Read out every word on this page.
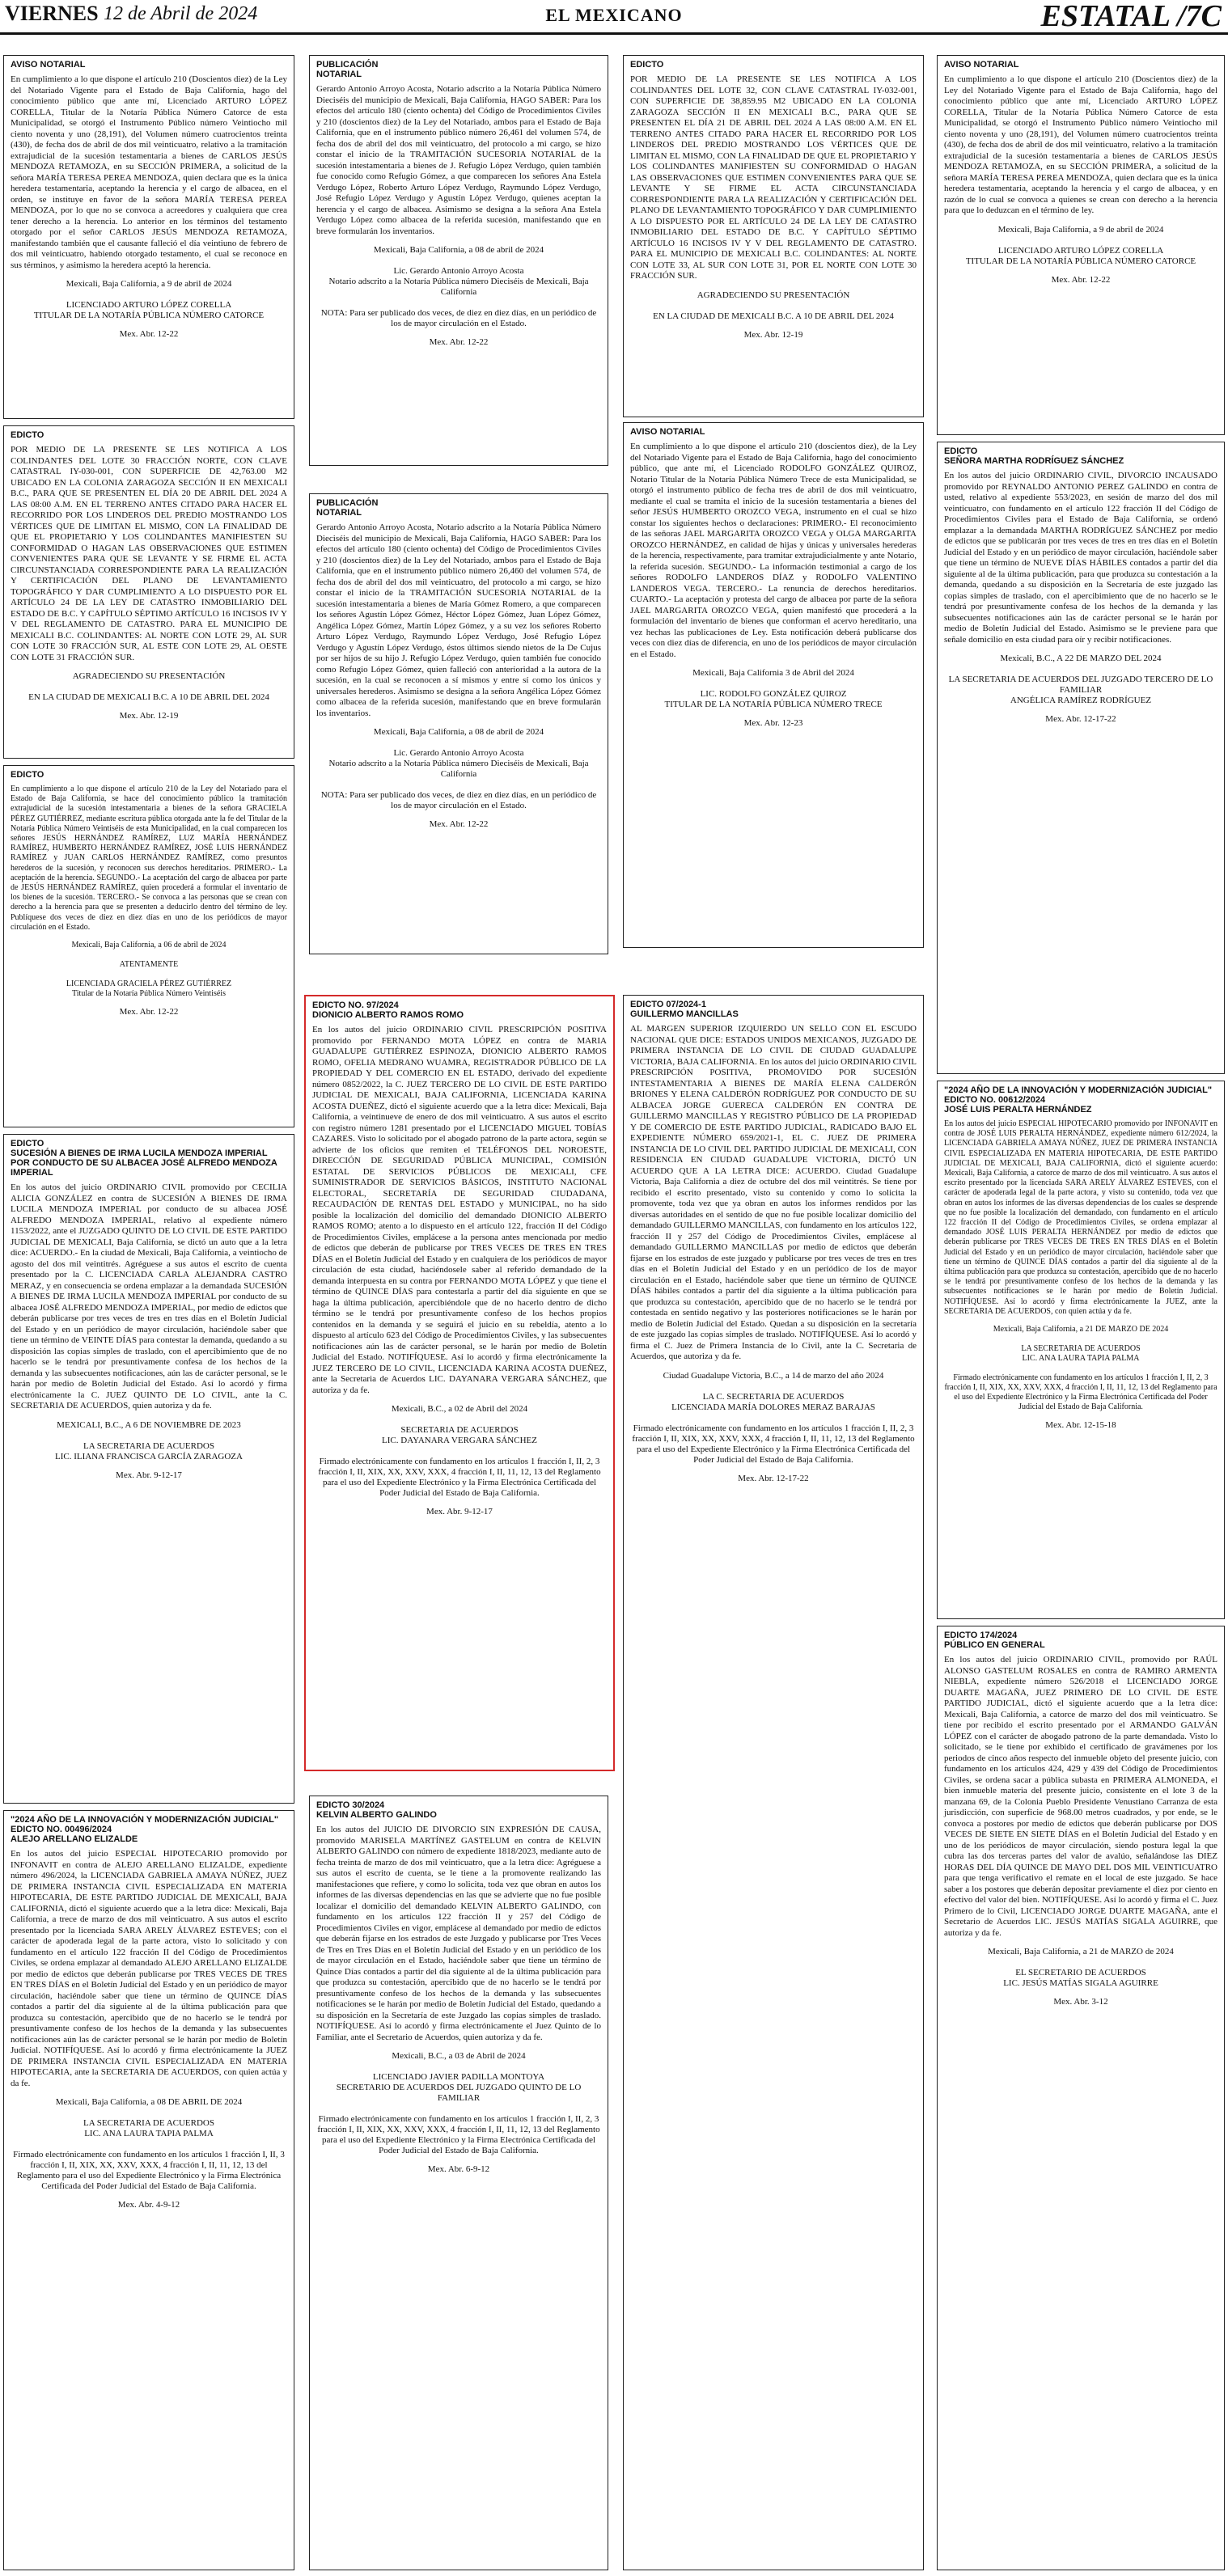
VIERNES 12 de Abril de 2024	EL MEXICANO	ESTATAL /7C
AVISO NOTARIAL
En cumplimiento a lo que dispone el artículo 210 (Doscientos diez) de la Ley del Notariado Vigente para el Estado de Baja California, hago del conocimiento público que ante mí, Licenciado ARTURO LÓPEZ CORELLA, Titular de la Notaría Pública Número Catorce de esta Municipalidad, se otorgó el Instrumento Público número Veintiocho mil ciento noventa y uno (28,191), del Volumen número cuatrocientos treinta (430), de fecha dos de abril de dos mil veinticuatro, relativo a la tramitación extrajudicial de la sucesión testamentaria a bienes de CARLOS JESÚS MENDOZA RETAMOZA, en su SECCIÓN PRIMERA, a solicitud de la señora MARÍA TERESA PEREA MENDOZA, quien declara que es la única heredera testamentaria, aceptando la herencia y el cargo de albacea, en el orden, se instituye en favor de la señora MARÍA TERESA PEREA MENDOZA, por lo que no se convoca a acreedores y cualquiera que crea tener derecho a la herencia. Lo anterior en los términos del testamento otorgado por el señor CARLOS JESÚS MENDOZA RETAMOZA, manifestando también que el causante falleció el día veintiuno de febrero de dos mil veinticuatro, habiendo otorgado testamento, el cual se reconoce en sus términos, y asimismo la heredera aceptó la herencia.
Mexicali, Baja California, a 9 de abril de 2024

LICENCIADO ARTURO LÓPEZ CORELLA
TITULAR DE LA NOTARÍA PÚBLICA NÚMERO CATORCE
Mex. Abr. 12-22
EDICTO
POR MEDIO DE LA PRESENTE SE LES NOTIFICA A LOS COLINDANTES DEL LOTE 30 FRACCIÓN NORTE, CON CLAVE CATASTRAL IY-030-001, CON SUPERFICIE DE 42,763.00 M2 UBICADO EN LA COLONIA ZARAGOZA SECCIÓN II EN MEXICALI B.C., PARA QUE SE PRESENTEN EL DÍA 20 DE ABRIL DEL 2024 A LAS 08:00 A.M. EN EL TERRENO ANTES CITADO PARA HACER EL RECORRIDO POR LOS LINDEROS DEL PREDIO MOSTRANDO LOS VÉRTICES QUE DE LIMITAN EL MISMO, CON LA FINALIDAD DE QUE EL PROPIETARIO Y LOS COLINDANTES MANIFIESTEN SU CONFORMIDAD O HAGAN LAS OBSERVACIONES QUE ESTIMEN CONVENIENTES PARA QUE SE LEVANTE Y SE FIRME EL ACTA CIRCUNSTANCIADA CORRESPONDIENTE PARA LA REALIZACIÓN Y CERTIFICACIÓN DEL PLANO DE LEVANTAMIENTO TOPOGRÁFICO Y DAR CUMPLIMIENTO A LO DISPUESTO POR EL ARTÍCULO 24 DE LA LEY DE CATASTRO INMOBILIARIO DEL ESTADO DE B.C. Y CAPÍTULO SÉPTIMO ARTÍCULO 16 INCISOS IV Y V DEL REGLAMENTO DE CATASTRO. PARA EL MUNICIPIO DE MEXICALI B.C. COLINDANTES: AL NORTE CON LOTE 29, AL SUR CON LOTE 30 FRACCIÓN SUR, AL ESTE CON LOTE 29, AL OESTE CON LOTE 31 FRACCIÓN SUR.
AGRADECIENDO SU PRESENTACIÓN

EN LA CIUDAD DE MEXICALI B.C. A 10 DE ABRIL DEL 2024
Mex. Abr. 12-19
EDICTO
En cumplimiento a lo que dispone el artículo 210 de la Ley del Notariado para el Estado de Baja California, se hace del conocimiento público la tramitación extrajudicial de la sucesión intestamentaria a bienes de la señora GRACIELA PÉREZ GUTIÉRREZ, mediante escritura pública otorgada ante la fe del Titular de la Notaría Pública Número Veintiséis de esta Municipalidad, en la cual comparecen los señores JESÚS HERNÁNDEZ RAMÍREZ, LUZ MARÍA HERNÁNDEZ RAMÍREZ, HUMBERTO HERNÁNDEZ RAMÍREZ, JOSÉ LUIS HERNÁNDEZ RAMÍREZ y JUAN CARLOS HERNÁNDEZ RAMÍREZ, como presuntos herederos de la sucesión, y reconocen sus derechos hereditarios. PRIMERO.- La aceptación de la herencia. SEGUNDO.- La aceptación del cargo de albacea por parte de JESÚS HERNÁNDEZ RAMÍREZ, quien procederá a formular el inventario de los bienes de la sucesión. TERCERO.- Se convoca a las personas que se crean con derecho a la herencia para que se presenten a deducirlo dentro del término de ley. Publíquese dos veces de diez en diez días en uno de los periódicos de mayor circulación en el Estado.
Mexicali, Baja California, a 06 de abril de 2024

ATENTAMENTE

LICENCIADA GRACIELA PÉREZ GUTIÉRREZ
Titular de la Notaría Pública Número Veintiséis
Mex. Abr. 12-22
EDICTO
SUCESIÓN A BIENES DE IRMA LUCILA MENDOZA IMPERIAL
POR CONDUCTO DE SU ALBACEA JOSÉ ALFREDO MENDOZA IMPERIAL
En los autos del juicio ORDINARIO CIVIL promovido por CECILIA ALICIA GONZÁLEZ en contra de SUCESIÓN A BIENES DE IRMA LUCILA MENDOZA IMPERIAL por conducto de su albacea JOSÉ ALFREDO MENDOZA IMPERIAL, relativo al expediente número 1153/2022, ante el JUZGADO QUINTO DE LO CIVIL DE ESTE PARTIDO JUDICIAL DE MEXICALI, Baja California, se dictó un auto que a la letra dice: ACUERDO.- En la ciudad de Mexicali, Baja California, a veintiocho de agosto del dos mil veintitrés. Agréguese a sus autos el escrito de cuenta presentado por la C. LICENCIADA CARLA ALEJANDRA CASTRO MERAZ, y en consecuencia se ordena emplazar a la demandada SUCESIÓN A BIENES DE IRMA LUCILA MENDOZA IMPERIAL por conducto de su albacea JOSÉ ALFREDO MENDOZA IMPERIAL, por medio de edictos que deberán publicarse por tres veces de tres en tres días en el Boletín Judicial del Estado y en un periódico de mayor circulación, haciéndole saber que tiene un término de VEINTE DÍAS para contestar la demanda, quedando a su disposición las copias simples de traslado, con el apercibimiento que de no hacerlo se le tendrá por presuntivamente confesa de los hechos de la demanda y las subsecuentes notificaciones, aún las de carácter personal, se le harán por medio de Boletín Judicial del Estado. Así lo acordó y firma electrónicamente la C. JUEZ QUINTO DE LO CIVIL, ante la C. SECRETARIA DE ACUERDOS, quien autoriza y da fe.
MEXICALI, B.C., A 6 DE NOVIEMBRE DE 2023

LA SECRETARIA DE ACUERDOS
LIC. ILIANA FRANCISCA GARCÍA ZARAGOZA
Mex. Abr. 9-12-17
"2024 AÑO DE LA INNOVACIÓN Y MODERNIZACIÓN JUDICIAL"
EDICTO NO. 00496/2024
ALEJO ARELLANO ELIZALDE
En los autos del juicio ESPECIAL HIPOTECARIO promovido por INFONAVIT en contra de ALEJO ARELLANO ELIZALDE, expediente número 496/2024, la LICENCIADA GABRIELA AMAYA NÚÑEZ, JUEZ DE PRIMERA INSTANCIA CIVIL ESPECIALIZADA EN MATERIA HIPOTECARIA, DE ESTE PARTIDO JUDICIAL DE MEXICALI, BAJA CALIFORNIA, dictó el siguiente acuerdo que a la letra dice: Mexicali, Baja California, a trece de marzo de dos mil veinticuatro. A sus autos el escrito presentado por la licenciada SARA ARELY ÁLVAREZ ESTEVES; con el carácter de apoderada legal de la parte actora, visto lo solicitado y con fundamento en el artículo 122 fracción II del Código de Procedimientos Civiles, se ordena emplazar al demandado ALEJO ARELLANO ELIZALDE por medio de edictos que deberán publicarse por TRES VECES DE TRES EN TRES DÍAS en el Boletín Judicial del Estado y en un periódico de mayor circulación, haciéndole saber que tiene un término de QUINCE DÍAS contados a partir del día siguiente al de la última publicación para que produzca su contestación, apercibido que de no hacerlo se le tendrá por presuntivamente confeso de los hechos de la demanda y las subsecuentes notificaciones aún las de carácter personal se le harán por medio de Boletín Judicial. NOTIFÍQUESE. Así lo acordó y firma electrónicamente la JUEZ DE PRIMERA INSTANCIA CIVIL ESPECIALIZADA EN MATERIA HIPOTECARIA, ante la SECRETARIA DE ACUERDOS, con quien actúa y da fe.
Mexicali, Baja California, a 08 DE ABRIL DE 2024

LA SECRETARIA DE ACUERDOS
LIC. ANA LAURA TAPIA PALMA

Firmado electrónicamente con fundamento en los artículos 1 fracción I, II, 3 fracción I, II, XIX, XX, XXV, XXX, 4 fracción I, II, 11, 12, 13 del Reglamento para el uso del Expediente Electrónico y la Firma Electrónica Certificada del Poder Judicial del Estado de Baja California.
Mex. Abr. 4-9-12
PUBLICACIÓN
NOTARIAL
Gerardo Antonio Arroyo Acosta, Notario adscrito a la Notaría Pública Número Dieciséis del municipio de Mexicali, Baja California, HAGO SABER: Para los efectos del artículo 180 (ciento ochenta) del Código de Procedimientos Civiles y 210 (doscientos diez) de la Ley del Notariado, ambos para el Estado de Baja California, que en el instrumento público número 26,461 del volumen 574, de fecha dos de abril del dos mil veinticuatro, del protocolo a mi cargo, se hizo constar el inicio de la TRAMITACIÓN SUCESORIA NOTARIAL de la sucesión intestamentaria a bienes de J. Refugio López Verdugo, quien también fue conocido como Refugio Gómez, a que comparecen los señores Ana Estela Verdugo López, Roberto Arturo López Verdugo, Raymundo López Verdugo, José Refugio López Verdugo y Agustín López Verdugo, quienes aceptan la herencia y el cargo de albacea. Asimismo se designa a la señora Ana Estela Verdugo López como albacea de la referida sucesión, manifestando que en breve formularán los inventarios.
Mexicali, Baja California, a 08 de abril de 2024

Lic. Gerardo Antonio Arroyo Acosta
Notario adscrito a la Notaría Pública número Dieciséis de Mexicali, Baja California

NOTA: Para ser publicado dos veces, de diez en diez días, en un periódico de los de mayor circulación en el Estado.
Mex. Abr. 12-22
PUBLICACIÓN
NOTARIAL
Gerardo Antonio Arroyo Acosta, Notario adscrito a la Notaría Pública Número Dieciséis del municipio de Mexicali, Baja California, HAGO SABER: Para los efectos del artículo 180 (ciento ochenta) del Código de Procedimientos Civiles y 210 (doscientos diez) de la Ley del Notariado, ambos para el Estado de Baja California, que en el instrumento público número 26,460 del volumen 574, de fecha dos de abril del dos mil veinticuatro, del protocolo a mi cargo, se hizo constar el inicio de la TRAMITACIÓN SUCESORIA NOTARIAL de la sucesión intestamentaria a bienes de María Gómez Romero, a que comparecen los señores Agustín López Gómez, Héctor López Gómez, Juan López Gómez, Angélica López Gómez, Martín López Gómez, y a su vez los señores Roberto Arturo López Verdugo, Raymundo López Verdugo, José Refugio López Verdugo y Agustín López Verdugo, éstos últimos siendo nietos de la De Cujus por ser hijos de su hijo J. Refugio López Verdugo, quien también fue conocido como Refugio López Gómez, quien falleció con anterioridad a la autora de la sucesión, en la cual se reconocen a sí mismos y entre sí como los únicos y universales herederos. Asimismo se designa a la señora Angélica López Gómez como albacea de la referida sucesión, manifestando que en breve formularán los inventarios.
Mexicali, Baja California, a 08 de abril de 2024

Lic. Gerardo Antonio Arroyo Acosta
Notario adscrito a la Notaría Pública número Dieciséis de Mexicali, Baja California

NOTA: Para ser publicado dos veces, de diez en diez días, en un periódico de los de mayor circulación en el Estado.
Mex. Abr. 12-22
EDICTO NO. 97/2024
DIONICIO ALBERTO RAMOS ROMO
En los autos del juicio ORDINARIO CIVIL PRESCRIPCIÓN POSITIVA promovido por FERNANDO MOTA LÓPEZ en contra de MARIA GUADALUPE GUTIÉRREZ ESPINOZA, DIONICIO ALBERTO RAMOS ROMO, OFELIA MEDRANO WUAMRA, REGISTRADOR PÚBLICO DE LA PROPIEDAD Y DEL COMERCIO EN EL ESTADO, derivado del expediente número 0852/2022, la C. JUEZ TERCERO DE LO CIVIL DE ESTE PARTIDO JUDICIAL DE MEXICALI, BAJA CALIFORNIA, LICENCIADA KARINA ACOSTA DUEÑEZ, dictó el siguiente acuerdo que a la letra dice: Mexicali, Baja California, a veintinueve de enero de dos mil veinticuatro. A sus autos el escrito con registro número 1281 presentado por el LICENCIADO MIGUEL TOBÍAS CAZARES. Visto lo solicitado por el abogado patrono de la parte actora, según se advierte de los oficios que remiten el TELÉFONOS DEL NOROESTE, DIRECCIÓN DE SEGURIDAD PÚBLICA MUNICIPAL, COMISIÓN ESTATAL DE SERVICIOS PÚBLICOS DE MEXICALI, CFE SUMINISTRADOR DE SERVICIOS BÁSICOS, INSTITUTO NACIONAL ELECTORAL, SECRETARÍA DE SEGURIDAD CIUDADANA, RECAUDACIÓN DE RENTAS DEL ESTADO y MUNICIPAL, no ha sido posible la localización del domicilio del demandado DIONICIO ALBERTO RAMOS ROMO; atento a lo dispuesto en el artículo 122, fracción II del Código de Procedimientos Civiles, emplácese a la persona antes mencionada por medio de edictos que deberán de publicarse por TRES VECES DE TRES EN TRES DÍAS en el Boletín Judicial del Estado y en cualquiera de los periódicos de mayor circulación de esta ciudad, haciéndosele saber al referido demandado de la demanda interpuesta en su contra por FERNANDO MOTA LÓPEZ y que tiene el término de QUINCE DÍAS para contestarla a partir del día siguiente en que se haga la última publicación, apercibiéndole que de no hacerlo dentro de dicho término se le tendrá por presuntivamente confeso de los hechos propios contenidos en la demanda y se seguirá el juicio en su rebeldía, atento a lo dispuesto al artículo 623 del Código de Procedimientos Civiles, y las subsecuentes notificaciones aún las de carácter personal, se le harán por medio de Boletín Judicial del Estado. NOTIFÍQUESE. Así lo acordó y firma electrónicamente la JUEZ TERCERO DE LO CIVIL, LICENCIADA KARINA ACOSTA DUEÑEZ, ante la Secretaria de Acuerdos LIC. DAYANARA VERGARA SÁNCHEZ, que autoriza y da fe.
Mexicali, B.C., a 02 de Abril del 2024

SECRETARIA DE ACUERDOS
LIC. DAYANARA VERGARA SÁNCHEZ

Firmado electrónicamente con fundamento en los artículos 1 fracción I, II, 2, 3 fracción I, II, XIX, XX, XXV, XXX, 4 fracción I, II, 11, 12, 13 del Reglamento para el uso del Expediente Electrónico y la Firma Electrónica Certificada del Poder Judicial del Estado de Baja California.
Mex. Abr. 9-12-17
EDICTO 30/2024
KELVIN ALBERTO GALINDO
En los autos del JUICIO DE DIVORCIO SIN EXPRESIÓN DE CAUSA, promovido MARISELA MARTÍNEZ GASTELUM en contra de KELVIN ALBERTO GALINDO con número de expediente 1818/2023, mediante auto de fecha treinta de marzo de dos mil veinticuatro, que a la letra dice: Agréguese a sus autos el escrito de cuenta, se le tiene a la promovente realizando las manifestaciones que refiere, y como lo solicita, toda vez que obran en autos los informes de las diversas dependencias en las que se advierte que no fue posible localizar el domicilio del demandado KELVIN ALBERTO GALINDO, con fundamento en los artículos 122 fracción II y 257 del Código de Procedimientos Civiles en vigor, emplácese al demandado por medio de edictos que deberán fijarse en los estrados de este Juzgado y publicarse por Tres Veces de Tres en Tres Días en el Boletín Judicial del Estado y en un periódico de los de mayor circulación en el Estado, haciéndole saber que tiene un término de Quince Días contados a partir del día siguiente al de la última publicación para que produzca su contestación, apercibido que de no hacerlo se le tendrá por presuntivamente confeso de los hechos de la demanda y las subsecuentes notificaciones se le harán por medio de Boletín Judicial del Estado, quedando a su disposición en la Secretaría de este Juzgado las copias simples de traslado. NOTIFÍQUESE. Así lo acordó y firma electrónicamente el Juez Quinto de lo Familiar, ante el Secretario de Acuerdos, quien autoriza y da fe.
Mexicali, B.C., a 03 de Abril de 2024

LICENCIADO JAVIER PADILLA MONTOYA
SECRETARIO DE ACUERDOS DEL JUZGADO QUINTO DE LO FAMILIAR

Firmado electrónicamente con fundamento en los artículos 1 fracción I, II, 2, 3 fracción I, II, XIX, XX, XXV, XXX, 4 fracción I, II, 11, 12, 13 del Reglamento para el uso del Expediente Electrónico y la Firma Electrónica Certificada del Poder Judicial del Estado de Baja California.
Mex. Abr. 6-9-12
EDICTO
POR MEDIO DE LA PRESENTE SE LES NOTIFICA A LOS COLINDANTES DEL LOTE 32, CON CLAVE CATASTRAL IY-032-001, CON SUPERFICIE DE 38,859.95 M2 UBICADO EN LA COLONIA ZARAGOZA SECCIÓN II EN MEXICALI B.C., PARA QUE SE PRESENTEN EL DÍA 21 DE ABRIL DEL 2024 A LAS 08:00 A.M. EN EL TERRENO ANTES CITADO PARA HACER EL RECORRIDO POR LOS LINDEROS DEL PREDIO MOSTRANDO LOS VÉRTICES QUE DE LIMITAN EL MISMO, CON LA FINALIDAD DE QUE EL PROPIETARIO Y LOS COLINDANTES MANIFIESTEN SU CONFORMIDAD O HAGAN LAS OBSERVACIONES QUE ESTIMEN CONVENIENTES PARA QUE SE LEVANTE Y SE FIRME EL ACTA CIRCUNSTANCIADA CORRESPONDIENTE PARA LA REALIZACIÓN Y CERTIFICACIÓN DEL PLANO DE LEVANTAMIENTO TOPOGRÁFICO Y DAR CUMPLIMIENTO A LO DISPUESTO POR EL ARTÍCULO 24 DE LA LEY DE CATASTRO INMOBILIARIO DEL ESTADO DE B.C. Y CAPÍTULO SÉPTIMO ARTÍCULO 16 INCISOS IV Y V DEL REGLAMENTO DE CATASTRO. PARA EL MUNICIPIO DE MEXICALI B.C. COLINDANTES: AL NORTE CON LOTE 33, AL SUR CON LOTE 31, POR EL NORTE CON LOTE 30 FRACCIÓN SUR.
AGRADECIENDO SU PRESENTACIÓN

EN LA CIUDAD DE MEXICALI B.C. A 10 DE ABRIL DEL 2024
Mex. Abr. 12-19
AVISO NOTARIAL
En cumplimiento a lo que dispone el artículo 210 (doscientos diez), de la Ley del Notariado Vigente para el Estado de Baja California, hago del conocimiento público, que ante mí, el Licenciado RODOLFO GONZÁLEZ QUIROZ, Notario Titular de la Notaría Pública Número Trece de esta Municipalidad, se otorgó el instrumento público de fecha tres de abril de dos mil veinticuatro, mediante el cual se tramita el inicio de la sucesión testamentaria a bienes del señor JESÚS HUMBERTO OROZCO VEGA, instrumento en el cual se hizo constar los siguientes hechos o declaraciones: PRIMERO.- El reconocimiento de las señoras JAEL MARGARITA OROZCO VEGA y OLGA MARGARITA OROZCO HERNÁNDEZ, en calidad de hijas y únicas y universales herederas de la herencia, respectivamente, para tramitar extrajudicialmente y ante Notario, la referida sucesión. SEGUNDO.- La información testimonial a cargo de los señores RODOLFO LANDEROS DÍAZ y RODOLFO VALENTINO LANDEROS VEGA. TERCERO.- La renuncia de derechos hereditarios. CUARTO.- La aceptación y protesta del cargo de albacea por parte de la señora JAEL MARGARITA OROZCO VEGA, quien manifestó que procederá a la formulación del inventario de bienes que conforman el acervo hereditario, una vez hechas las publicaciones de Ley. Esta notificación deberá publicarse dos veces con diez días de diferencia, en uno de los periódicos de mayor circulación en el Estado.
Mexicali, Baja California 3 de Abril del 2024

LIC. RODOLFO GONZÁLEZ QUIROZ
TITULAR DE LA NOTARÍA PÚBLICA NÚMERO TRECE
Mex. Abr. 12-23
EDICTO 07/2024-1
GUILLERMO MANCILLAS
AL MARGEN SUPERIOR IZQUIERDO UN SELLO CON EL ESCUDO NACIONAL QUE DICE: ESTADOS UNIDOS MEXICANOS, JUZGADO DE PRIMERA INSTANCIA DE LO CIVIL DE CIUDAD GUADALUPE VICTORIA, BAJA CALIFORNIA. En los autos del juicio ORDINARIO CIVIL PRESCRIPCIÓN POSITIVA, PROMOVIDO POR SUCESIÓN INTESTAMENTARIA A BIENES DE MARÍA ELENA CALDERÓN BRIONES Y ELENA CALDERÓN RODRÍGUEZ POR CONDUCTO DE SU ALBACEA JORGE GUERECA CALDERÓN EN CONTRA DE GUILLERMO MANCILLAS Y REGISTRO PÚBLICO DE LA PROPIEDAD Y DE COMERCIO DE ESTE PARTIDO JUDICIAL, RADICADO BAJO EL EXPEDIENTE NÚMERO 659/2021-1, EL C. JUEZ DE PRIMERA INSTANCIA DE LO CIVIL DEL PARTIDO JUDICIAL DE MEXICALI, CON RESIDENCIA EN CIUDAD GUADALUPE VICTORIA, DICTÓ UN ACUERDO QUE A LA LETRA DICE: ACUERDO. Ciudad Guadalupe Victoria, Baja California a diez de octubre del dos mil veintitrés. Se tiene por recibido el escrito presentado, visto su contenido y como lo solicita la promovente, toda vez que ya obran en autos los informes rendidos por las diversas autoridades en el sentido de que no fue posible localizar domicilio del demandado GUILLERMO MANCILLAS, con fundamento en los artículos 122, fracción II y 257 del Código de Procedimientos Civiles, emplácese al demandado GUILLERMO MANCILLAS por medio de edictos que deberán fijarse en los estrados de este juzgado y publicarse por tres veces de tres en tres días en el Boletín Judicial del Estado y en un periódico de los de mayor circulación en el Estado, haciéndole saber que tiene un término de QUINCE DÍAS hábiles contados a partir del día siguiente a la última publicación para que produzca su contestación, apercibido que de no hacerlo se le tendrá por contestada en sentido negativo y las posteriores notificaciones se le harán por medio de Boletín Judicial del Estado. Quedan a su disposición en la secretaría de este juzgado las copias simples de traslado. NOTIFÍQUESE. Así lo acordó y firma el C. Juez de Primera Instancia de lo Civil, ante la C. Secretaria de Acuerdos, que autoriza y da fe.
Ciudad Guadalupe Victoria, B.C., a 14 de marzo del año 2024

LA C. SECRETARIA DE ACUERDOS
LICENCIADA MARÍA DOLORES MERAZ BARAJAS

Firmado electrónicamente con fundamento en los artículos 1 fracción I, II, 2, 3 fracción I, II, XIX, XX, XXV, XXX, 4 fracción I, II, 11, 12, 13 del Reglamento para el uso del Expediente Electrónico y la Firma Electrónica Certificada del Poder Judicial del Estado de Baja California.
Mex. Abr. 12-17-22
AVISO NOTARIAL
En cumplimiento a lo que dispone el artículo 210 (Doscientos diez) de la Ley del Notariado Vigente para el Estado de Baja California, hago del conocimiento público que ante mí, Licenciado ARTURO LÓPEZ CORELLA, Titular de la Notaría Pública Número Catorce de esta Municipalidad, se otorgó el Instrumento Público número Veintiocho mil ciento noventa y uno (28,191), del Volumen número cuatrocientos treinta (430), de fecha dos de abril de dos mil veinticuatro, relativo a la tramitación extrajudicial de la sucesión testamentaria a bienes de CARLOS JESÚS MENDOZA RETAMOZA, en su SECCIÓN PRIMERA, a solicitud de la señora MARÍA TERESA PEREA MENDOZA, quien declara que es la única heredera testamentaria, aceptando la herencia y el cargo de albacea, y en razón de lo cual se convoca a quienes se crean con derecho a la herencia para que lo deduzcan en el término de ley.
Mexicali, Baja California, a 9 de abril de 2024

LICENCIADO ARTURO LÓPEZ CORELLA
TITULAR DE LA NOTARÍA PÚBLICA NÚMERO CATORCE
Mex. Abr. 12-22
EDICTO
SEÑORA MARTHA RODRÍGUEZ SÁNCHEZ
En los autos del juicio ORDINARIO CIVIL, DIVORCIO INCAUSADO promovido por REYNALDO ANTONIO PEREZ GALINDO en contra de usted, relativo al expediente 553/2023, en sesión de marzo del dos mil veinticuatro, con fundamento en el artículo 122 fracción II del Código de Procedimientos Civiles para el Estado de Baja California, se ordenó emplazar a la demandada MARTHA RODRÍGUEZ SÁNCHEZ por medio de edictos que se publicarán por tres veces de tres en tres días en el Boletín Judicial del Estado y en un periódico de mayor circulación, haciéndole saber que tiene un término de NUEVE DÍAS HÁBILES contados a partir del día siguiente al de la última publicación, para que produzca su contestación a la demanda, quedando a su disposición en la Secretaría de este juzgado las copias simples de traslado, con el apercibimiento que de no hacerlo se le tendrá por presuntivamente confesa de los hechos de la demanda y las subsecuentes notificaciones aún las de carácter personal se le harán por medio de Boletín Judicial del Estado. Asimismo se le previene para que señale domicilio en esta ciudad para oír y recibir notificaciones.
Mexicali, B.C., A 22 DE MARZO DEL 2024

LA SECRETARIA DE ACUERDOS DEL JUZGADO TERCERO DE LO FAMILIAR
ANGÉLICA RAMÍREZ RODRÍGUEZ
Mex. Abr. 12-17-22
"2024 AÑO DE LA INNOVACIÓN Y MODERNIZACIÓN JUDICIAL"
EDICTO NO. 00612/2024
JOSÉ LUIS PERALTA HERNÁNDEZ
En los autos del juicio ESPECIAL HIPOTECARIO promovido por INFONAVIT en contra de JOSÉ LUIS PERALTA HERNÁNDEZ, expediente número 612/2024, la LICENCIADA GABRIELA AMAYA NÚÑEZ, JUEZ DE PRIMERA INSTANCIA CIVIL ESPECIALIZADA EN MATERIA HIPOTECARIA, DE ESTE PARTIDO JUDICIAL DE MEXICALI, BAJA CALIFORNIA, dictó el siguiente acuerdo: Mexicali, Baja California, a catorce de marzo de dos mil veinticuatro. A sus autos el escrito presentado por la licenciada SARA ARELY ÁLVAREZ ESTEVES, con el carácter de apoderada legal de la parte actora, y visto su contenido, toda vez que obran en autos los informes de las diversas dependencias de los cuales se desprende que no fue posible la localización del demandado, con fundamento en el artículo 122 fracción II del Código de Procedimientos Civiles, se ordena emplazar al demandado JOSÉ LUIS PERALTA HERNÁNDEZ por medio de edictos que deberán publicarse por TRES VECES DE TRES EN TRES DÍAS en el Boletín Judicial del Estado y en un periódico de mayor circulación, haciéndole saber que tiene un término de QUINCE DÍAS contados a partir del día siguiente al de la última publicación para que produzca su contestación, apercibido que de no hacerlo se le tendrá por presuntivamente confeso de los hechos de la demanda y las subsecuentes notificaciones se le harán por medio de Boletín Judicial. NOTIFÍQUESE. Así lo acordó y firma electrónicamente la JUEZ, ante la SECRETARIA DE ACUERDOS, con quien actúa y da fe.
Mexicali, Baja California, a 21 DE MARZO DE 2024

LA SECRETARIA DE ACUERDOS
LIC. ANA LAURA TAPIA PALMA

Firmado electrónicamente con fundamento en los artículos 1 fracción I, II, 2, 3 fracción I, II, XIX, XX, XXV, XXX, 4 fracción I, II, 11, 12, 13 del Reglamento para el uso del Expediente Electrónico y la Firma Electrónica Certificada del Poder Judicial del Estado de Baja California.
Mex. Abr. 12-15-18
EDICTO 174/2024
PÚBLICO EN GENERAL
En los autos del juicio ORDINARIO CIVIL, promovido por RAÚL ALONSO GASTELUM ROSALES en contra de RAMIRO ARMENTA NIEBLA, expediente número 526/2018 el LICENCIADO JORGE DUARTE MAGAÑA, JUEZ PRIMERO DE LO CIVIL DE ESTE PARTIDO JUDICIAL, dictó el siguiente acuerdo que a la letra dice: Mexicali, Baja California, a catorce de marzo del dos mil veinticuatro. Se tiene por recibido el escrito presentado por el ARMANDO GALVÁN LÓPEZ con el carácter de abogado patrono de la parte demandada. Visto lo solicitado, se le tiene por exhibido el certificado de gravámenes por los periodos de cinco años respecto del inmueble objeto del presente juicio, con fundamento en los artículos 424, 429 y 439 del Código de Procedimientos Civiles, se ordena sacar a pública subasta en PRIMERA ALMONEDA, el bien inmueble materia del presente juicio, consistente en el lote 3 de la manzana 69, de la Colonia Pueblo Presidente Venustiano Carranza de esta jurisdicción, con superficie de 968.00 metros cuadrados, y por ende, se le convoca a postores por medio de edictos que deberán publicarse por DOS VECES DE SIETE EN SIETE DÍAS en el Boletín Judicial del Estado y en uno de los periódicos de mayor circulación, siendo postura legal la que cubra las dos terceras partes del valor de avalúo, señalándose las DIEZ HORAS DEL DÍA QUINCE DE MAYO DEL DOS MIL VEINTICUATRO para que tenga verificativo el remate en el local de este juzgado. Se hace saber a los postores que deberán depositar previamente el diez por ciento en efectivo del valor del bien. NOTIFÍQUESE. Así lo acordó y firma el C. Juez Primero de lo Civil, LICENCIADO JORGE DUARTE MAGAÑA, ante el Secretario de Acuerdos LIC. JESÚS MATÍAS SIGALA AGUIRRE, que autoriza y da fe.
Mexicali, Baja California, a 21 de MARZO de 2024

EL SECRETARIO DE ACUERDOS
LIC. JESÚS MATÍAS SIGALA AGUIRRE
Mex. Abr. 3-12
